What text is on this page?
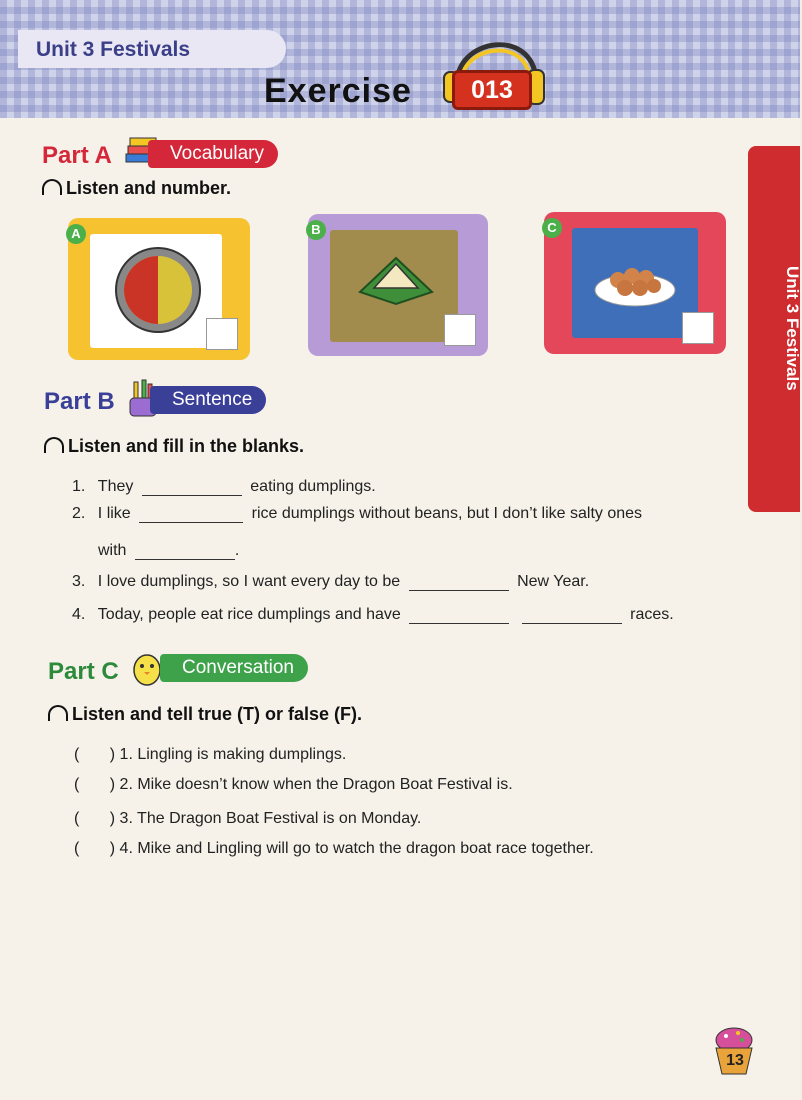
Unit 3 Festivals
Exercise	013
Unit 3 Festivals
Part A	Vocabulary
Listen and number.
A	B	C
Part B	Sentence
Listen and fill in the blanks.
1. They	eating dumplings.
2. I like	rice dumplings without beans, but I don’t like salty ones
with	.
3. I love dumplings, so I want every day to be	New Year.
4. Today, people eat rice dumplings and have	races.
Part C	Conversation
Listen and tell true (T) or false (F).
( ) 1. Lingling is making dumplings.
( ) 2. Mike doesn’t know when the Dragon Boat Festival is.
( ) 3. The Dragon Boat Festival is on Monday.
( ) 4. Mike and Lingling will go to watch the dragon boat race together.
13
